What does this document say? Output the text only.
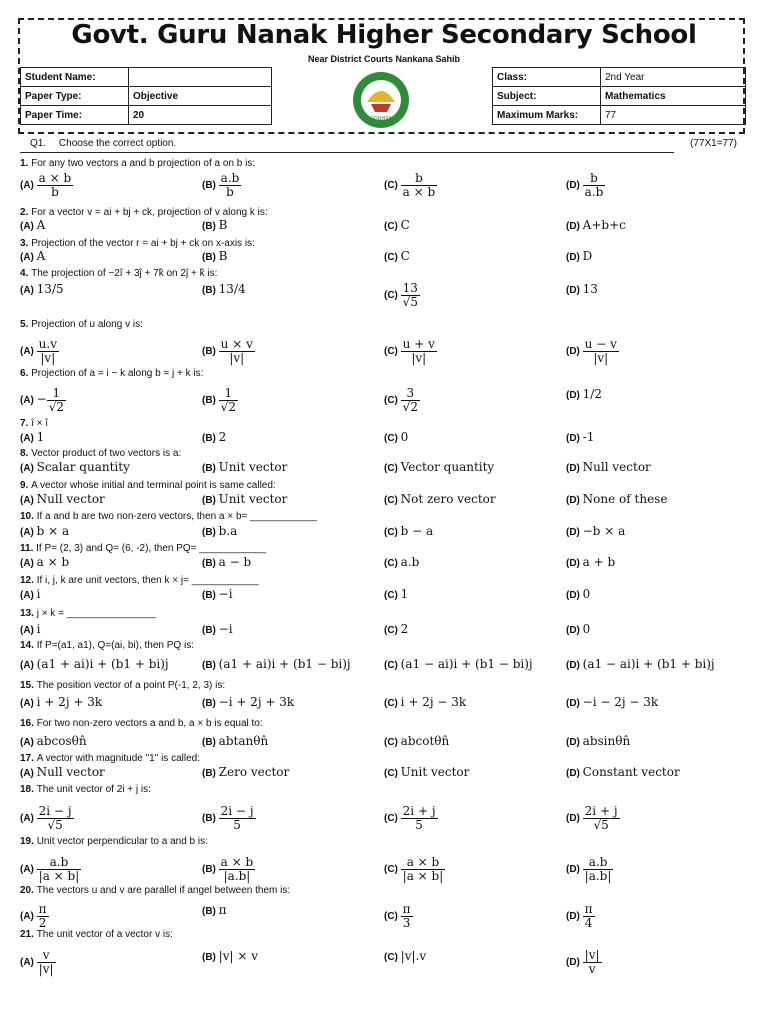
Govt. Guru Nanak Higher Secondary School
Near District Courts Nankana Sahib
GGNHSS
Student Name:	
Paper Type:	Objective
Paper Time:	20
Class:	2nd Year
Subject:	Mathematics
Maximum Marks:	77
Q1. Choose the correct option.	(77X1=77)
1. For any two vectors a and b projection of a on b is:
$(A) \frac{a \times b}{b}$	$(B) \frac{a.b}{b}$	$(C) \frac{b}{a \times b}$	$(D) \frac{b}{a.b}$
2. For a vector v = ai + bj + ck, projection of v along k is:
(A) A	(B) B	(C) C	(D) A+b+c
3. Projection of the vector r = ai + bj + ck on x-axis is:
(A) A	(B) B	(C) C	(D) D
4. The projection of −2î + 3ĵ + 7k̂ on 2ĵ + k̂ is:
(A) 13/5	(B) 13/4	$(C) \frac{13}{√5}$	(D) 13
5. Projection of u along v is:
$(A) \frac{u.v}{|v|}$	$(B) \frac{u \times v}{|v|}$	$(C) \frac{u + v}{|v|}$	$(D) \frac{u - v}{|v|}$
6. Projection of a = i − k along b = j + k is:
$(A) - \frac{1}{√2}$	$(B) \frac{1}{√2}$	$(C) \frac{3}{√2}$	(D) 1/2
7. î × î
(A) 1	(B) 2	(C) 0	(D) -1
8. Vector product of two vectors is a:
(A) Scalar quantity	(B) Unit vector	(C) Vector quantity	(D) Null vector
9. A vector whose initial and terminal point is same called:
(A) Null vector	(B) Unit vector	(C) Not zero vector	(D) None of these
10. If a and b are two non-zero vectors, then a × b= ____________
(A) b × a	(B) b.a	(C) b − a	(D) −b × a
11. If P= (2, 3) and Q= (6, -2), then PQ= ____________
(A) a × b	(B) a − b	(C) a.b	(D) a + b
12. If i, j, k are unit vectors, then k × j= ____________
(A) i	(B) −i	(C) 1	(D) 0
13. j × k = ________________
(A) i	(B) −i	(C) 2	(D) 0
14. If P=(a1, a1), Q=(ai, bi), then PQ is:
(A) (a1 + ai)i + (b1 + bi)j	(B) (a1 + ai)i + (b1 − bi)j	(C) (a1 − ai)i + (b1 − bi)j	(D) (a1 − ai)i + (b1 + bi)j
15. The position vector of a point P(-1, 2, 3) is:
(A) i + 2j + 3k	(B) −i + 2j + 3k	(C) i + 2j − 3k	(D) −i − 2j − 3k
16. For two non-zero vectors a and b, a × b is equal to:
(A) abcosθn̂	(B) abtanθn̂	(C) abcotθn̂	(D) absinθn̂
17. A vector with magnitude "1" is called:
(A) Null vector	(B) Zero vector	(C) Unit vector	(D) Constant vector
18. The unit vector of 2i + j is:
$(A) \frac{2i - j}{√5}$	$(B) \frac{2i - j}{5}$	$(C) \frac{2i + j}{5}$	$(D) \frac{2i + j}{√5}$
19. Unit vector perpendicular to a and b is:
$(A) \frac{a.b}{|a \times b|}$	$(B) \frac{a \times b}{|a.b|}$	$(C) \frac{a \times b}{|a \times b|}$	$(D) \frac{a.b}{|a.b|}$
20. The vectors u and v are parallel if angel between them is:
$(A) \frac{\pi}{2}$	(B) π	$(C) \frac{\pi}{3}$	$(D) \frac{\pi}{4}$
21. The unit vector of a vector v is:
$(A) \frac{v}{|v|}$	(B) |v| × v	(C) |v|.v	$(D) \frac{|v|}{v}$
